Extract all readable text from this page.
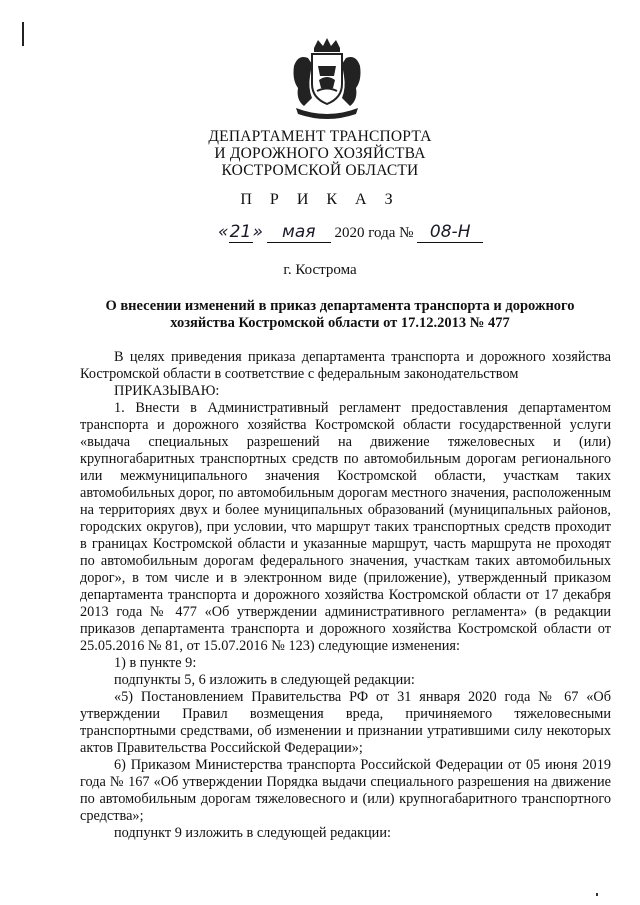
ДЕПАРТАМЕНТ ТРАНСПОРТА
И ДОРОЖНОГО ХОЗЯЙСТВА
КОСТРОМСКОЙ ОБЛАСТИ
П Р И К А З
«21» мая 2020 года № 08-Н
г. Кострома
О внесении изменений в приказ департамента транспорта и дорожного хозяйства Костромской области от 17.12.2013 № 477

В целях приведения приказа департамента транспорта и дорожного хозяйства Костромской области в соответствие с федеральным законодательством

ПРИКАЗЫВАЮ:

1. Внести в Административный регламент предоставления департаментом транспорта и дорожного хозяйства Костромской области государственной услуги «выдача специальных разрешений на движение тяжеловесных и (или) крупногабаритных транспортных средств по автомобильным дорогам регионального или межмуниципального значения Костромской области, участкам таких автомобильных дорог, по автомобильным дорогам местного значения, расположенным на территориях двух и более муниципальных образований (муниципальных районов, городских округов), при условии, что маршрут таких транспортных средств проходит в границах Костромской области и указанные маршрут, часть маршрута не проходят по автомобильным дорогам федерального значения, участкам таких автомобильных дорог», в том числе и в электронном виде (приложение), утвержденный приказом департамента транспорта и дорожного хозяйства Костромской области от 17 декабря 2013 года № 477 «Об утверждении административного регламента» (в редакции приказов департамента транспорта и дорожного хозяйства Костромской области от 25.05.2016 № 81, от 15.07.2016 № 123) следующие изменения:

1) в пункте 9:

подпункты 5, 6 изложить в следующей редакции:

«5) Постановлением Правительства РФ от 31 января 2020 года № 67 «Об утверждении Правил возмещения вреда, причиняемого тяжеловесными транспортными средствами, об изменении и признании утратившими силу некоторых актов Правительства Российской Федерации»;

6) Приказом Министерства транспорта Российской Федерации от 05 июня 2019 года № 167 «Об утверждении Порядка выдачи специального разрешения на движение по автомобильным дорогам тяжеловесного и (или) крупногабаритного транспортного средства»;

подпункт 9 изложить в следующей редакции:
